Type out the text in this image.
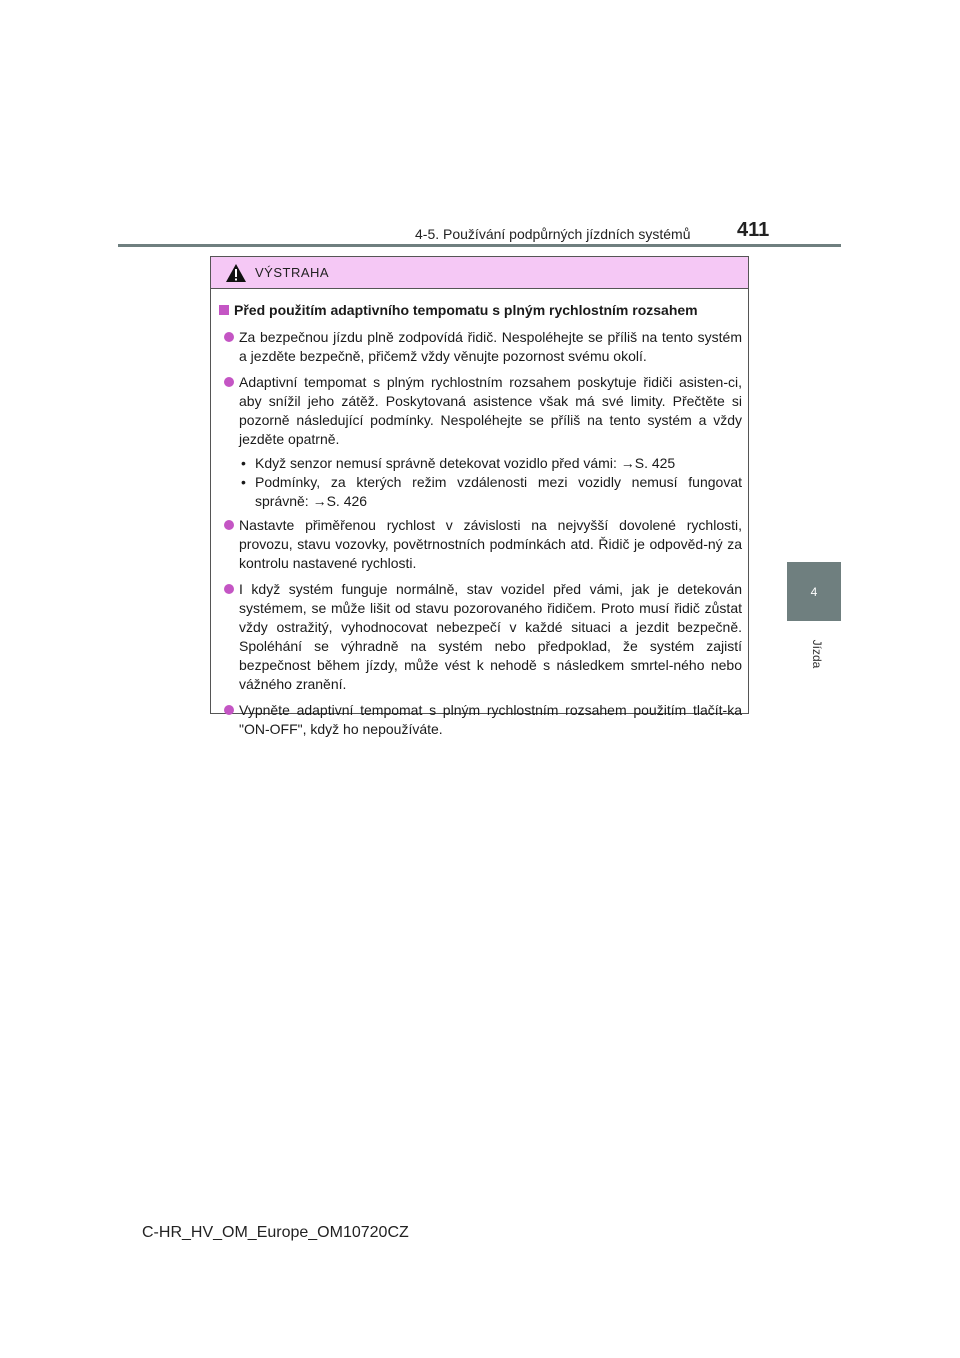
4-5. Používání podpůrných jízdních systémů 411
4
Jízda
VÝSTRAHA
Před použitím adaptivního tempomatu s plným rychlostním rozsahem
Za bezpečnou jízdu plně zodpovídá řidič. Nespoléhejte se příliš na tento systém a jezděte bezpečně, přičemž vždy věnujte pozornost svému okolí.
Adaptivní tempomat s plným rychlostním rozsahem poskytuje řidiči asisten-ci, aby snížil jeho zátěž. Poskytovaná asistence však má své limity. Přečtěte si pozorně následující podmínky. Nespoléhejte se příliš na tento systém a vždy jezděte opatrně.
• Když senzor nemusí správně detekovat vozidlo před vámi: →S. 425
• Podmínky, za kterých režim vzdálenosti mezi vozidly nemusí fungovat správně: →S. 426
Nastavte přiměřenou rychlost v závislosti na nejvyšší dovolené rychlosti, provozu, stavu vozovky, povětrnostních podmínkách atd. Řidič je odpověd-ný za kontrolu nastavené rychlosti.
I když systém funguje normálně, stav vozidel před vámi, jak je detekován systémem, se může lišit od stavu pozorovaného řidičem. Proto musí řidič zůstat vždy ostražitý, vyhodnocovat nebezpečí v každé situaci a jezdit bezpečně. Spoléhání se výhradně na systém nebo předpoklad, že systém zajistí bezpečnost během jízdy, může vést k nehodě s následkem smrtel-ného nebo vážného zranění.
Vypněte adaptivní tempomat s plným rychlostním rozsahem použitím tlačít-ka "ON-OFF", když ho nepoužíváte.
C-HR_HV_OM_Europe_OM10720CZ
